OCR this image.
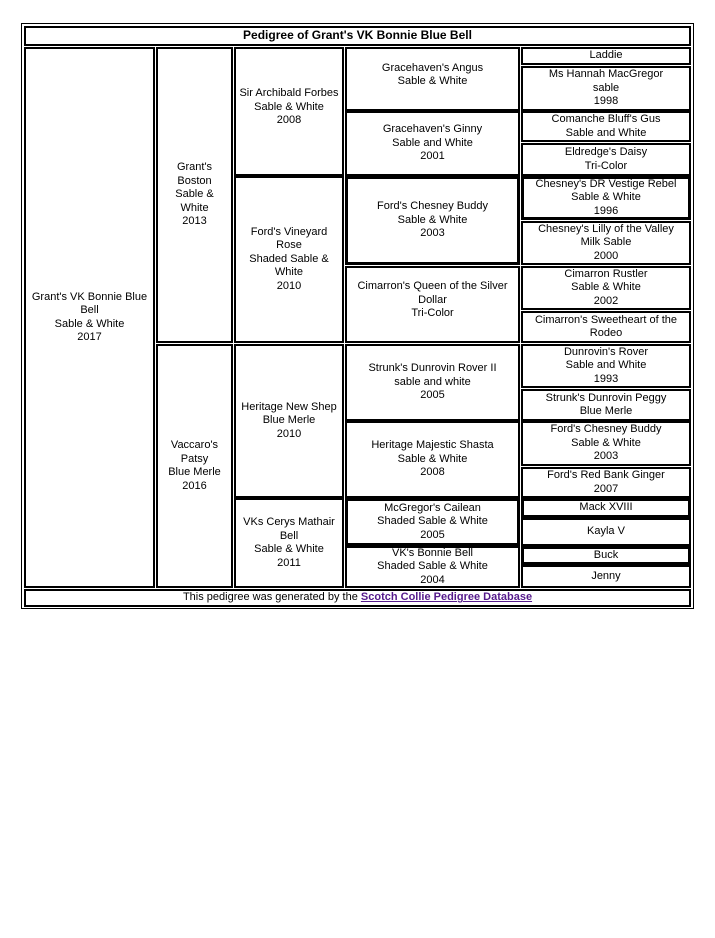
Pedigree of Grant's VK Bonnie Blue Bell
Grant's VK Bonnie Blue Bell
Sable & White
2017
Grant's
Boston
Sable & White
2013
Vaccaro's
Patsy
Blue Merle
2016
Sir Archibald Forbes
Sable & White
2008
Ford's Vineyard
Rose
Shaded Sable &
White
2010
Heritage New Shep
Blue Merle
2010
VKs Cerys Mathair
Bell
Sable & White
2011
Gracehaven's Angus
Sable & White
Gracehaven's Ginny
Sable and White
2001
Ford's Chesney Buddy
Sable & White
2003
Cimarron's Queen of the Silver
Dollar
Tri-Color
Strunk's Dunrovin Rover II
sable and white
2005
Heritage Majestic Shasta
Sable & White
2008
McGregor's Cailean
Shaded Sable & White
2005
VK's Bonnie Bell
Shaded Sable & White
2004
Laddie
Ms Hannah MacGregor
sable
1998
Comanche Bluff's Gus
Sable and White
Eldredge's Daisy
Tri-Color
Chesney's DR Vestige Rebel
Sable & White
1996
Chesney's Lilly of the Valley
Milk Sable
2000
Cimarron Rustler
Sable & White
2002
Cimarron's Sweetheart of the
Rodeo
Dunrovin's Rover
Sable and White
1993
Strunk's Dunrovin Peggy
Blue Merle
Ford's Chesney Buddy
Sable & White
2003
Ford's Red Bank Ginger
2007
Mack XVIII
Kayla V
Buck
Jenny
This pedigree was generated by the Scotch Collie Pedigree Database
